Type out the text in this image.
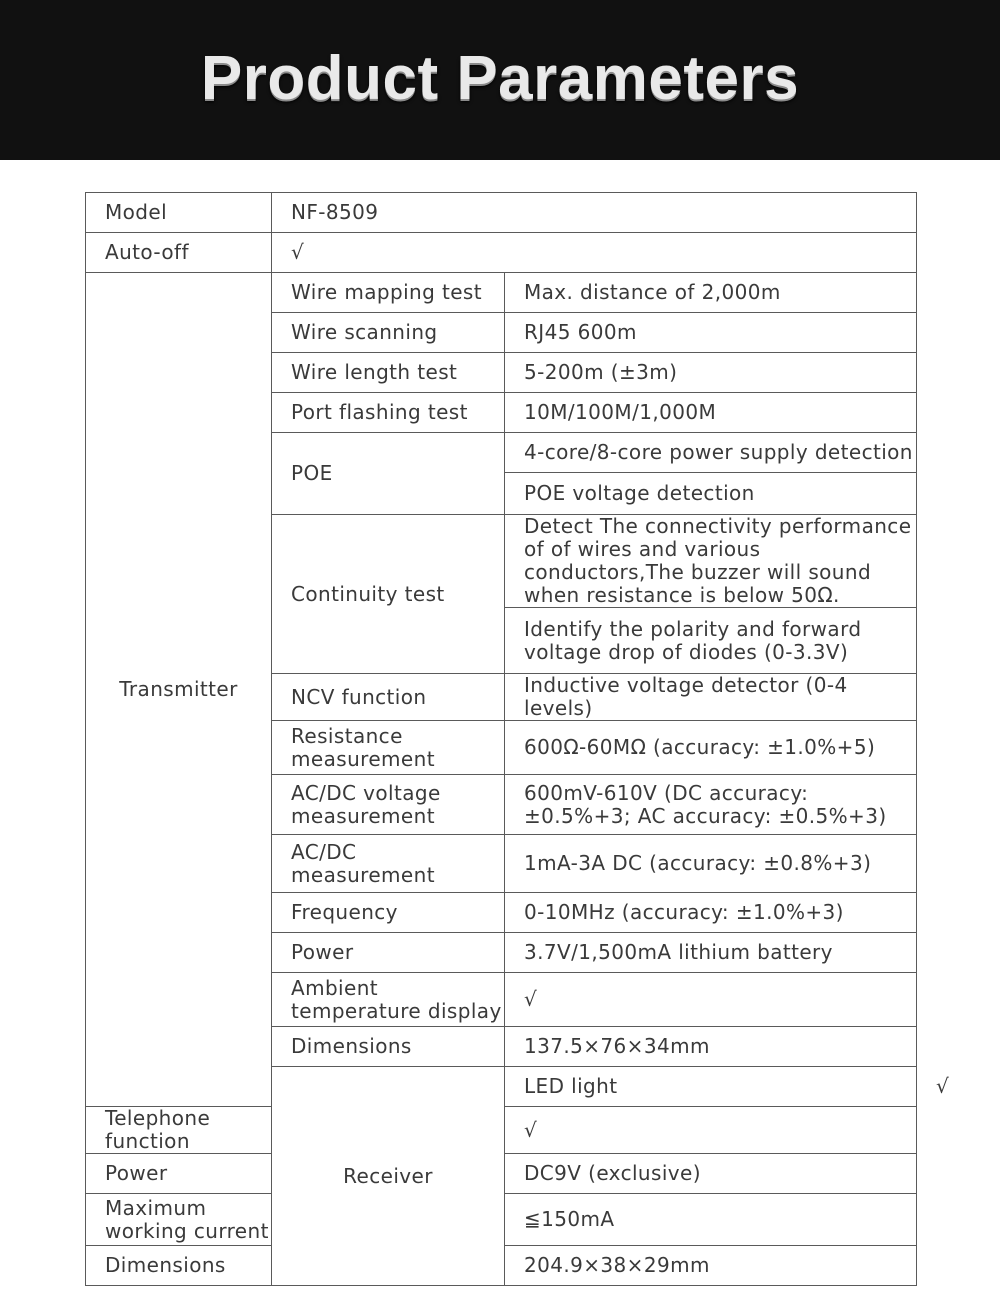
Product Parameters
Model	NF-8509		
Auto-off	√		
Transmitter	Wire mapping test	Max. distance of 2,000m	
	Wire scanning	RJ45 600m	
	Wire length test	5-200m (±3m)	
	Port flashing test	10M/100M/1,000M	
	POE	4-core/8-core power supply detection	
		POE voltage detection	
	Continuity test	Detect The connectivity performance of of wires and various conductors,The buzzer will sound when resistance is below 50Ω.	
		Identify the polarity and forward voltage drop of diodes (0-3.3V)	
	NCV function	Inductive voltage detector (0-4 levels)	
	Resistance measurement	600Ω-60MΩ (accuracy: ±1.0%+5)	
	AC/DC voltage measurement	600mV-610V (DC accuracy: ±0.5%+3; AC accuracy: ±0.5%+3)	
	AC/DC measurement	1mA-3A DC (accuracy: ±0.8%+3)	
	Frequency	0-10MHz (accuracy: ±1.0%+3)	
	Power	3.7V/1,500mA lithium battery	
	Ambient temperature display	√	
	Dimensions	137.5×76×34mm	
	Receiver	LED light	√
Telephone function		√	
Power		DC9V (exclusive)	
Maximum working current		≦150mA	
Dimensions		204.9×38×29mm	
